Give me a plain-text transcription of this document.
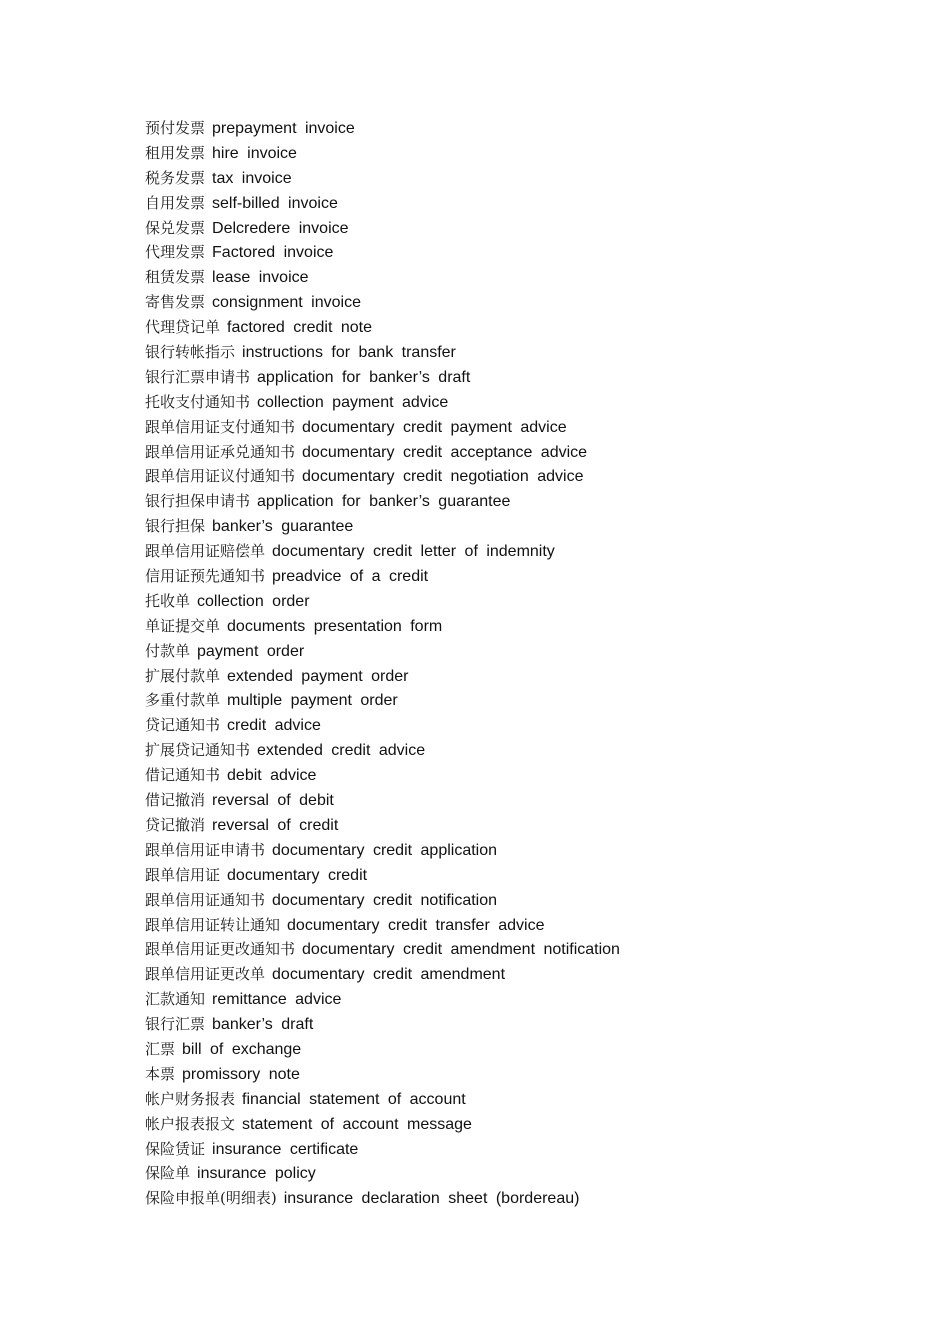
预付发票 prepayment invoice
租用发票 hire invoice
税务发票 tax invoice
自用发票 self-billed invoice
保兑发票 Delcredere invoice
代理发票 Factored invoice
租赁发票 lease invoice
寄售发票 consignment invoice
代理贷记单 factored credit note
银行转帐指示 instructions for bank transfer
银行汇票申请书 application for banker’s draft
托收支付通知书 collection payment advice
跟单信用证支付通知书 documentary credit payment advice
跟单信用证承兑通知书 documentary credit acceptance advice
跟单信用证议付通知书 documentary credit negotiation advice
银行担保申请书 application for banker’s guarantee
银行担保 banker’s guarantee
跟单信用证赔偿单 documentary credit letter of indemnity
信用证预先通知书 preadvice of a credit
托收单 collection order
单证提交单 documents presentation form
付款单 payment order
扩展付款单 extended payment order
多重付款单 multiple payment order
贷记通知书 credit advice
扩展贷记通知书 extended credit advice
借记通知书 debit advice
借记撤消 reversal of debit
贷记撤消 reversal of credit
跟单信用证申请书 documentary credit application
跟单信用证 documentary credit
跟单信用证通知书 documentary credit notification
跟单信用证转让通知 documentary credit transfer advice
跟单信用证更改通知书 documentary credit amendment notification
跟单信用证更改单 documentary credit amendment
汇款通知 remittance advice
银行汇票 banker’s draft
汇票 bill of exchange
本票 promissory note
帐户财务报表 financial statement of account
帐户报表报文 statement of account message
保险赁证 insurance certificate
保险单 insurance policy
保险申报单(明细表) insurance declaration sheet (bordereau)
